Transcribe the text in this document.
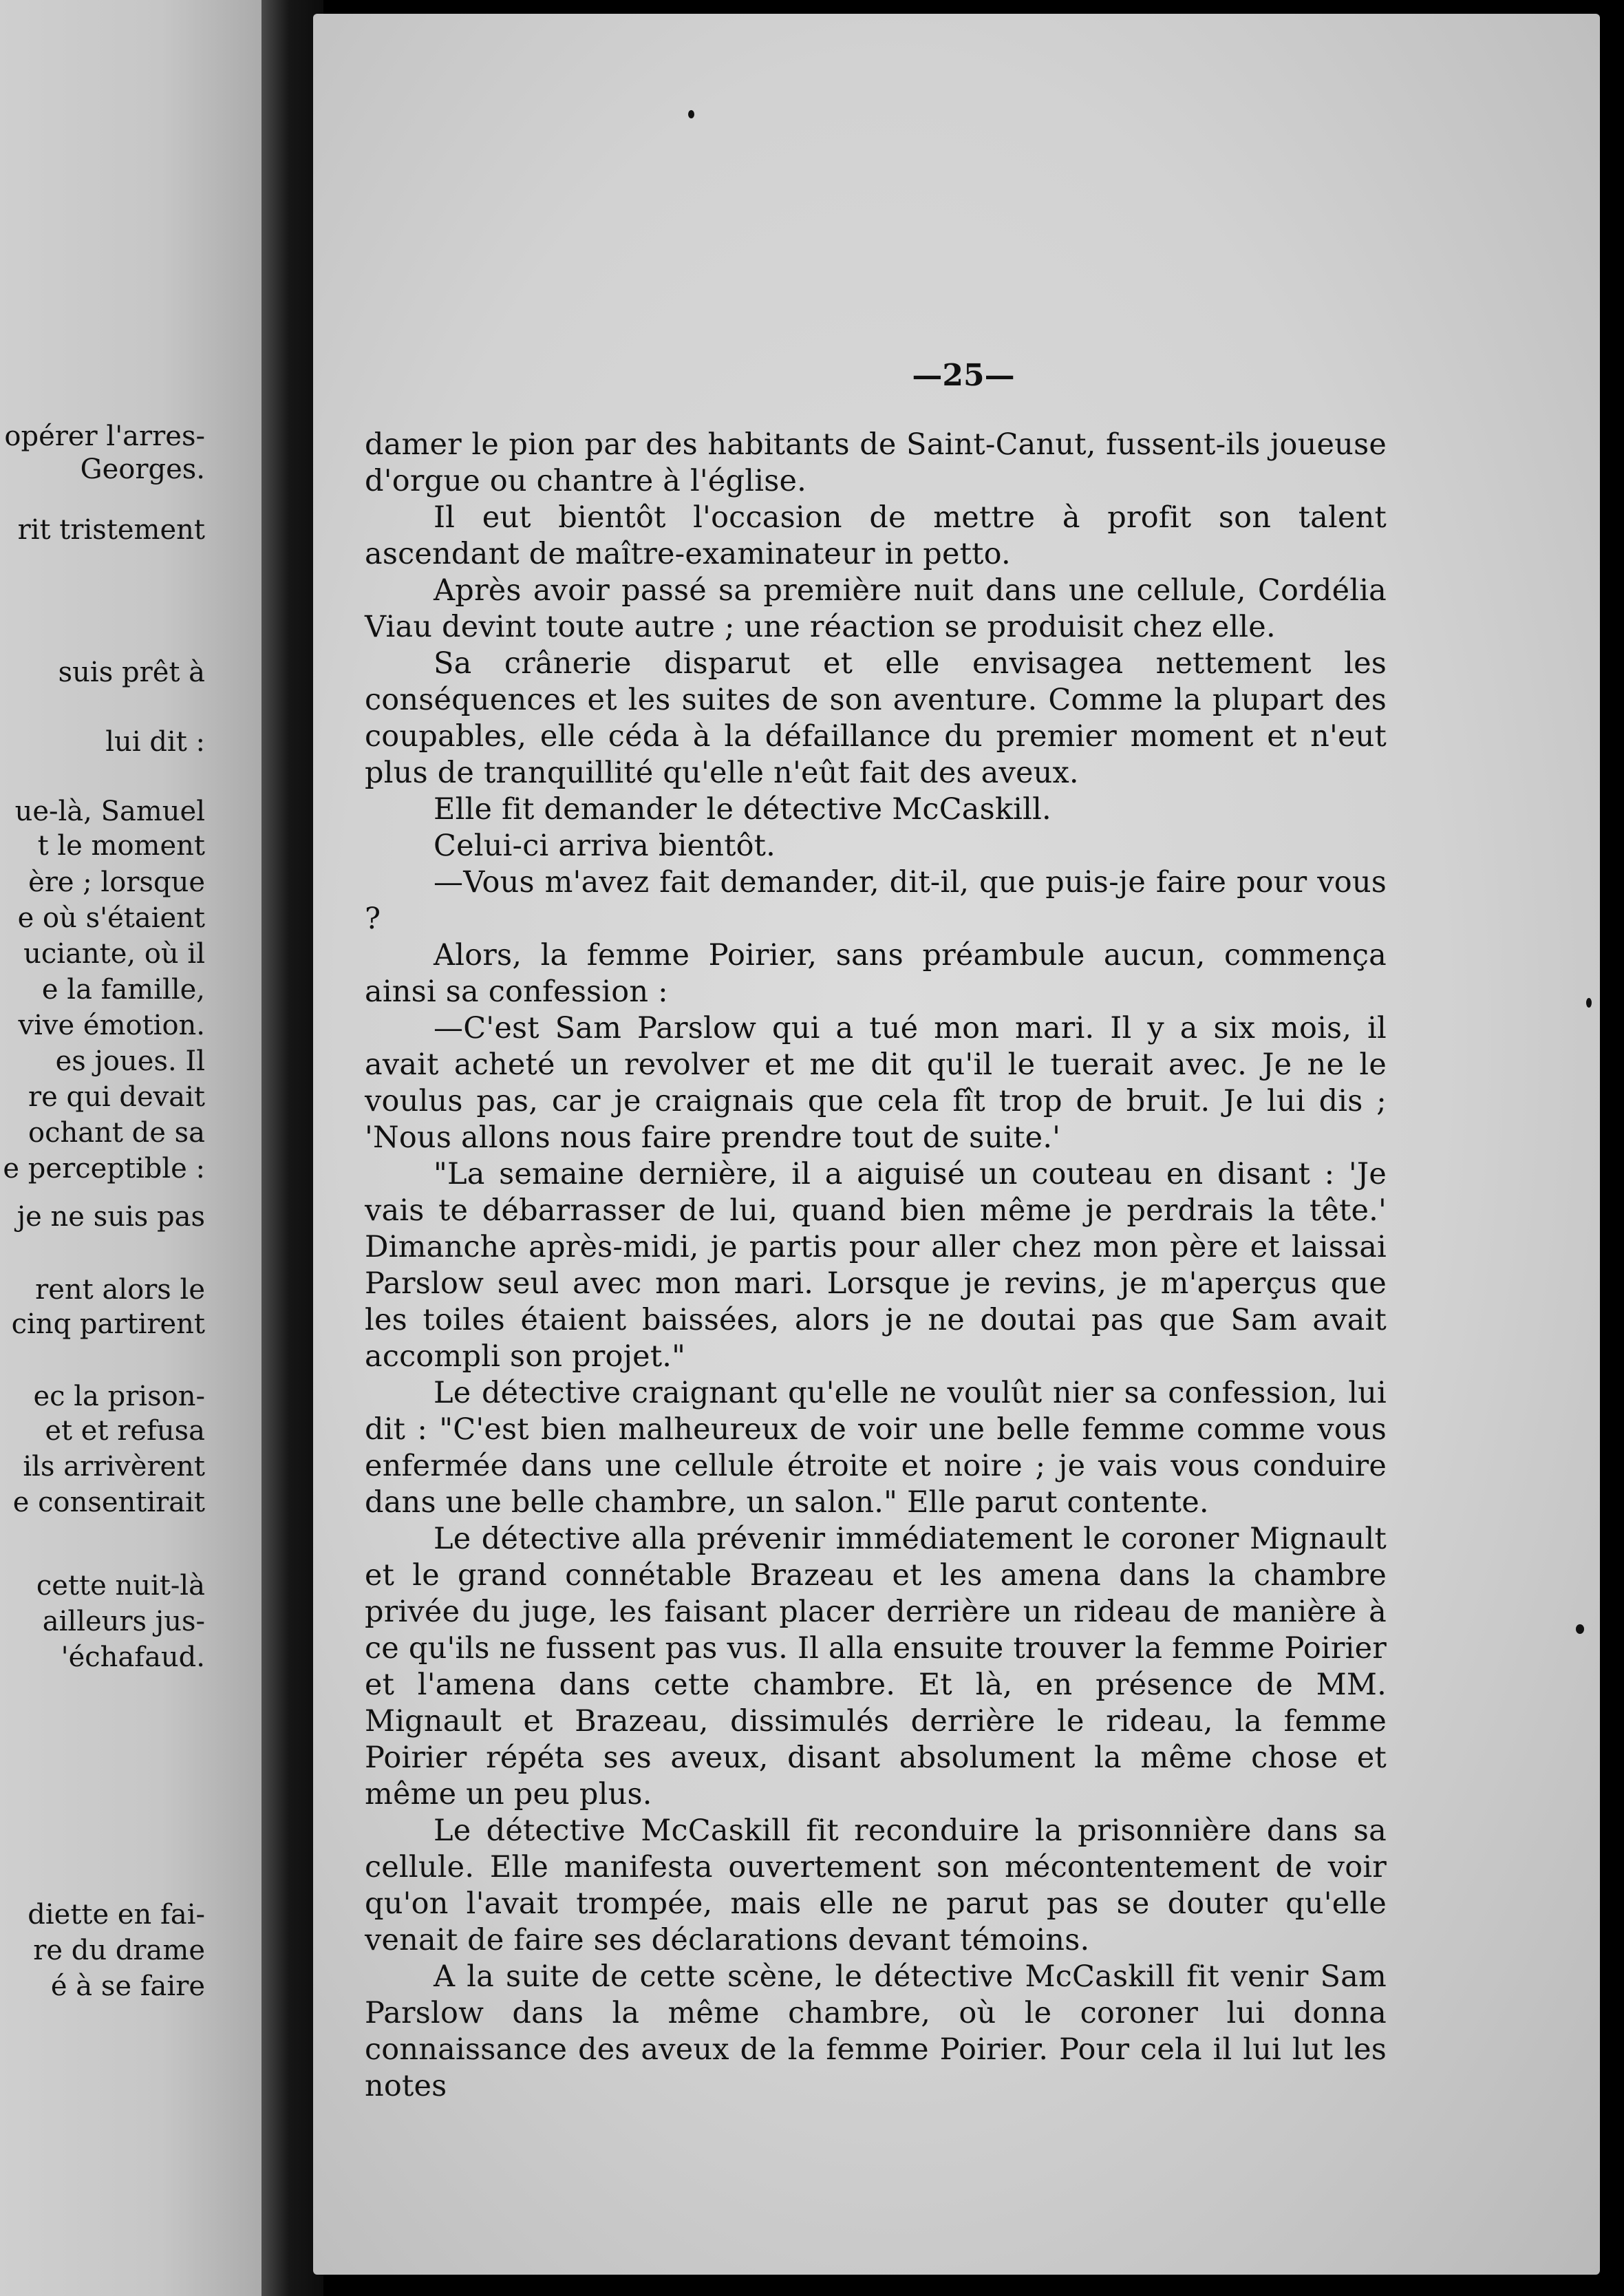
opérer l'arres-
Georges.
rit tristement
suis prêt à
lui dit :
ue-là, Samuel
t le moment
ère ; lorsque
e où s'étaient
uciante, où il
e la famille,
vive émotion.
es joues. Il
re qui devait
ochant de sa
e perceptible :
je ne suis pas
rent alors le
cinq partirent
ec la prison-
et et refusa
ils arrivèrent
e consentirait
cette nuit-là
ailleurs jus-
'échafaud.
diette en fai-
re du drame
é à se faire
—25—

damer le pion par des habitants de Saint-Canut, fussent-ils joueuse d'orgue ou chantre à l'église.

Il eut bientôt l'occasion de mettre à profit son talent ascendant de maître-examinateur in petto.

Après avoir passé sa première nuit dans une cellule, Cordélia Viau devint toute autre ; une réaction se produisit chez elle.

Sa crânerie disparut et elle envisagea nettement les conséquences et les suites de son aventure. Comme la plupart des coupables, elle céda à la défaillance du premier moment et n'eut plus de tranquillité qu'elle n'eût fait des aveux.

Elle fit demander le détective McCaskill.

Celui-ci arriva bientôt.

—Vous m'avez fait demander, dit-il, que puis-je faire pour vous ?

Alors, la femme Poirier, sans préambule aucun, commença ainsi sa confession :

—C'est Sam Parslow qui a tué mon mari. Il y a six mois, il avait acheté un revolver et me dit qu'il le tuerait avec. Je ne le voulus pas, car je craignais que cela fît trop de bruit. Je lui dis ; 'Nous allons nous faire prendre tout de suite.'

"La semaine dernière, il a aiguisé un couteau en disant : 'Je vais te débarrasser de lui, quand bien même je perdrais la tête.' Dimanche après-midi, je partis pour aller chez mon père et laissai Parslow seul avec mon mari. Lorsque je revins, je m'aperçus que les toiles étaient baissées, alors je ne doutai pas que Sam avait accompli son projet."

Le détective craignant qu'elle ne voulût nier sa confession, lui dit : "C'est bien malheureux de voir une belle femme comme vous enfermée dans une cellule étroite et noire ; je vais vous conduire dans une belle chambre, un salon." Elle parut contente.

Le détective alla prévenir immédiatement le coroner Mignault et le grand connétable Brazeau et les amena dans la chambre privée du juge, les faisant placer derrière un rideau de manière à ce qu'ils ne fussent pas vus. Il alla ensuite trouver la femme Poirier et l'amena dans cette chambre. Et là, en présence de MM. Mignault et Brazeau, dissimulés derrière le rideau, la femme Poirier répéta ses aveux, disant absolument la même chose et même un peu plus.

Le détective McCaskill fit reconduire la prisonnière dans sa cellule. Elle manifesta ouvertement son mécontentement de voir qu'on l'avait trompée, mais elle ne parut pas se douter qu'elle venait de faire ses déclarations devant témoins.

A la suite de cette scène, le détective McCaskill fit venir Sam Parslow dans la même chambre, où le coroner lui donna connaissance des aveux de la femme Poirier. Pour cela il lui lut les notes
